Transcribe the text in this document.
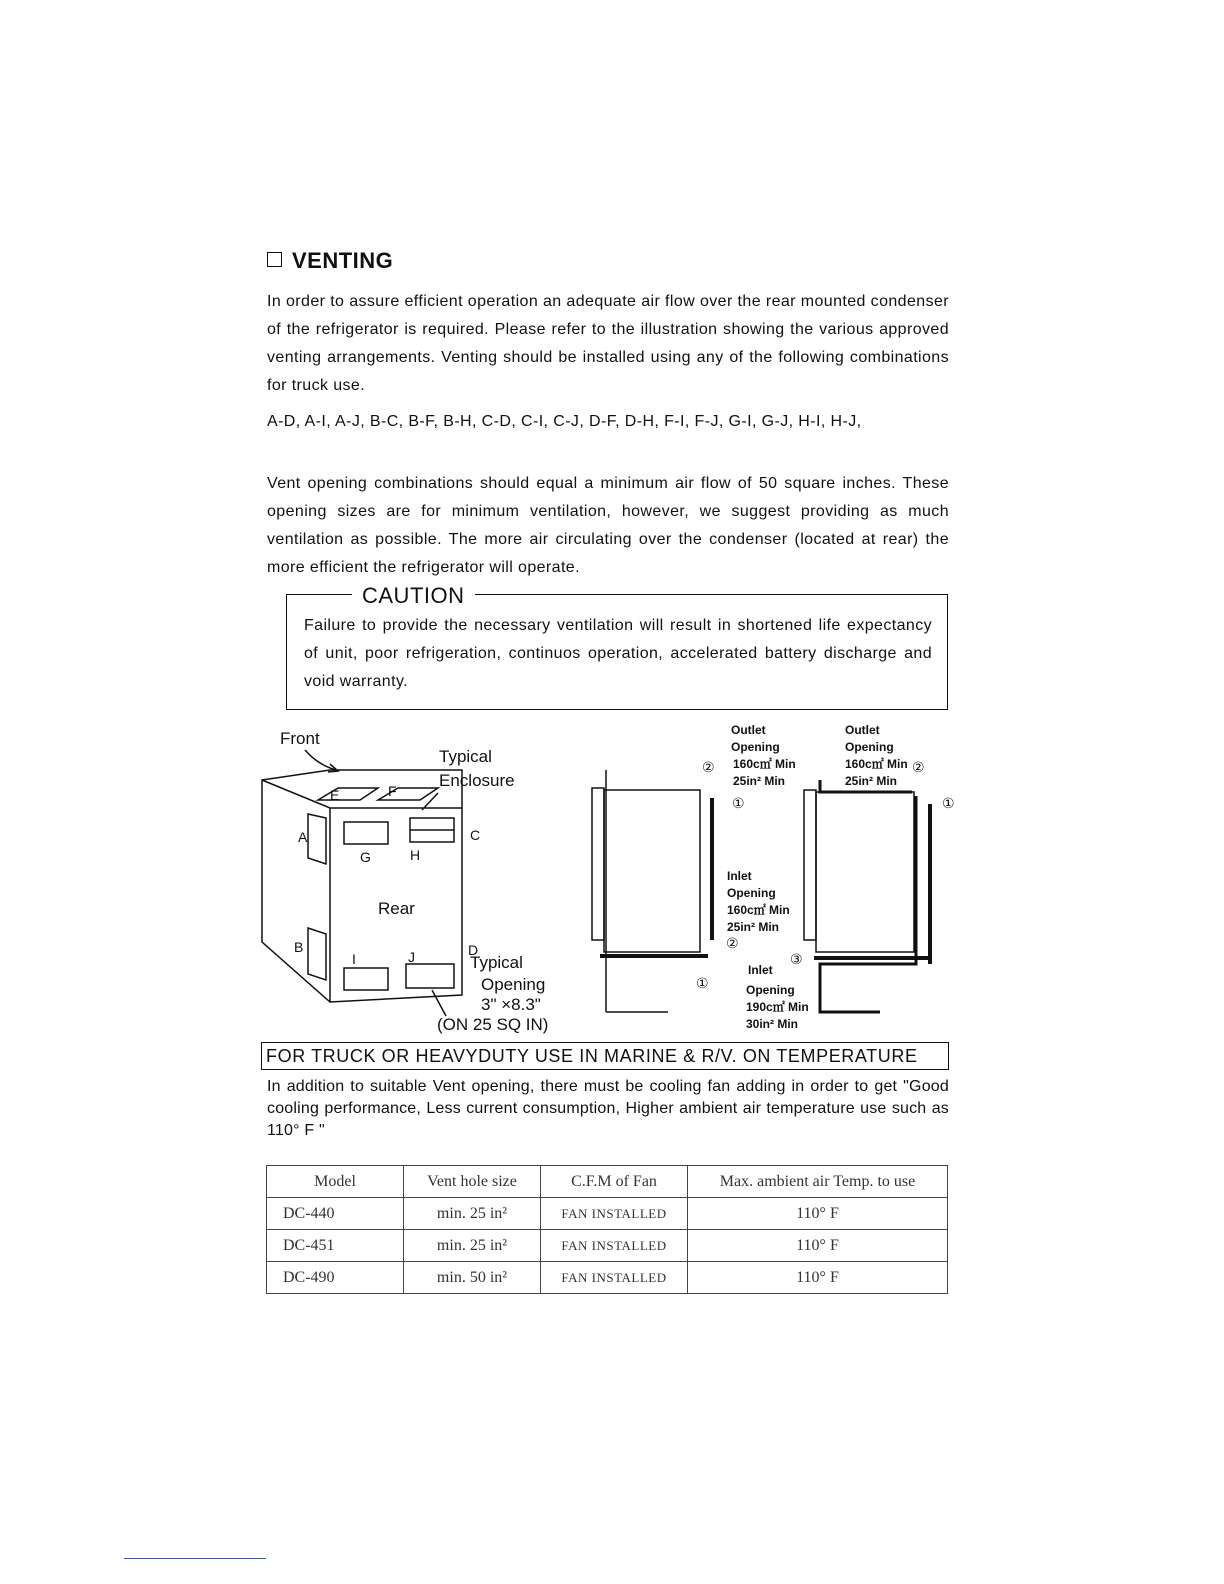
VENTING
In order to assure efficient operation an adequate air flow over the rear mounted condenser of the refrigerator is required. Please refer to the illustration showing the various approved venting arrangements. Venting should be installed using any of the following combinations for truck use.
A-D, A-I, A-J, B-C, B-F, B-H, C-D, C-I, C-J, D-F, D-H, F-I, F-J, G-I, G-J, H-I, H-J,
Vent opening combinations should equal a minimum air flow of 50 square inches. These opening sizes are for minimum ventilation, however, we suggest providing as much ventilation as possible. The more air circulating over the condenser (located at rear) the more efficient the refrigerator will operate.
CAUTION
Failure to provide the necessary ventilation will result in shortened life expectancy of unit, poor refrigeration, continuos operation, accelerated battery discharge and void warranty.
Front
Typical
Enclosure
Rear
Typical
Opening
3" ×8.3"
(ON 25 SQ IN)
A
B
C
D
E	F
G	H
I	J
Outlet
Opening
160c㎡ Min
25in² Min
Outlet
Opening
160c㎡ Min
25in² Min
Inlet
Opening
160c㎡ Min
25in² Min
Inlet
Opening
190c㎡ Min
30in² Min
②
①
②
①
②
①
③
FOR TRUCK OR HEAVYDUTY USE IN MARINE & R/V. ON TEMPERATURE
In addition to suitable Vent opening, there must be cooling fan adding in order to get "Good cooling performance, Less current consumption, Higher ambient air temperature use such as 110° F "
Model	Vent hole size	C.F.M of Fan	Max. ambient air Temp. to use
DC-440	min. 25 in²	FAN INSTALLED	110° F
DC-451	min. 25 in²	FAN INSTALLED	110° F
DC-490	min. 50 in²	FAN INSTALLED	110° F
